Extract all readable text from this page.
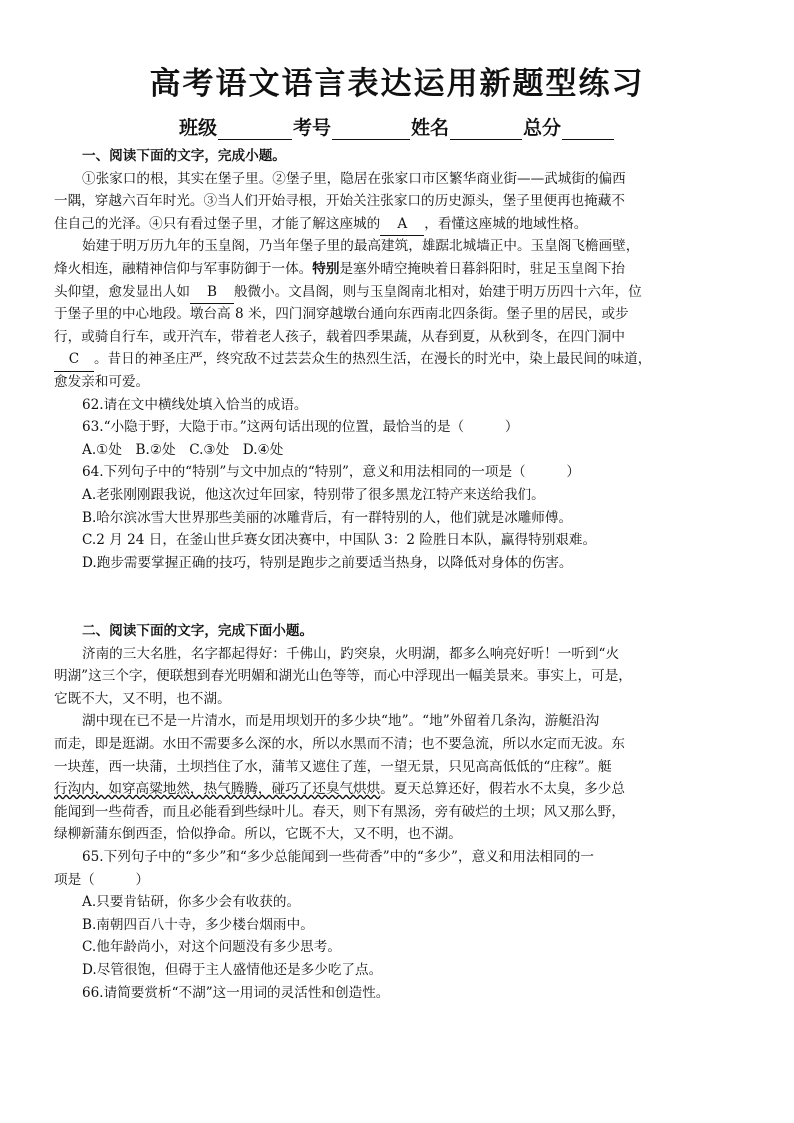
高考语文语言表达运用新题型练习
班级	考号	姓名	总分
一、阅读下面的文字，完成小题。
①张家口的根，其实在堡子里。②堡子里，隐居在张家口市区繁华商业街——武城街的偏西
一隅，穿越六百年时光。③当人们开始寻根，开始关注张家口的历史源头，堡子里便再也掩藏不
住自己的光泽。④只有看过堡子里，才能了解这座城的 A ，看懂这座城的地域性格。
始建于明万历九年的玉皇阁，乃当年堡子里的最高建筑，雄踞北城墙正中。玉皇阁飞檐画壁，
烽火相连，融精神信仰与军事防御于一体。特别是塞外晴空掩映着日暮斜阳时，驻足玉皇阁下抬
头仰望，愈发显出人如 B 般微小。文昌阁，则与玉皇阁南北相对，始建于明万历四十六年，位
于堡子里的中心地段。墩台高 8 米，四门洞穿越墩台通向东西南北四条街。堡子里的居民，或步
行，或骑自行车，或开汽车，带着老人孩子，载着四季果蔬，从春到夏，从秋到冬，在四门洞中
C 。昔日的神圣庄严，终究敌不过芸芸众生的热烈生活，在漫长的时光中，染上最民间的味道，
愈发亲和可爱。
62.请在文中横线处填入恰当的成语。
63.“小隐于野，大隐于市。”这两句话出现的位置，最恰当的是（　　　）
A.①处　B.②处　C.③处　D.④处
64.下列句子中的“特别”与文中加点的“特别”，意义和用法相同的一项是（　　　）
A.老张刚刚跟我说，他这次过年回家，特别带了很多黑龙江特产来送给我们。
B.哈尔滨冰雪大世界那些美丽的冰雕背后，有一群特别的人，他们就是冰雕师傅。
C.2 月 24 日，在釜山世乒赛女团决赛中，中国队 3：2 险胜日本队，赢得特别艰难。
D.跑步需要掌握正确的技巧，特别是跑步之前要适当热身，以降低对身体的伤害。
二、阅读下面的文字，完成下面小题。
济南的三大名胜，名字都起得好：千佛山，趵突泉，火明湖，都多么响亮好听！一听到“火
明湖”这三个字，便联想到春光明媚和湖光山色等等，而心中浮现出一幅美景来。事实上，可是，
它既不大，又不明，也不湖。
湖中现在已不是一片清水，而是用坝划开的多少块“地”。“地”外留着几条沟，游艇沿沟
而走，即是逛湖。水田不需要多么深的水，所以水黑而不清；也不要急流，所以水定而无波。东
一块莲，西一块蒲，土坝挡住了水，蒲苇又遮住了莲，一望无景，只见高高低低的“庄稼”。艇
行沟内，如穿高粱地然，热气腾腾，碰巧了还臭气烘烘。夏天总算还好，假若水不太臭，多少总
能闻到一些荷香，而且必能看到些绿叶儿。春天，则下有黑汤，旁有破烂的土坝；风又那么野，
绿柳新蒲东倒西歪，恰似挣命。所以，它既不大，又不明，也不湖。
65.下列句子中的“多少”和“多少总能闻到一些荷香”中的“多少”，意义和用法相同的一
项是（　　　）
A.只要肯钻研，你多少会有收获的。
B.南朝四百八十寺，多少楼台烟雨中。
C.他年龄尚小，对这个问题没有多少思考。
D.尽管很饱，但碍于主人盛情他还是多少吃了点。
66.请简要赏析“不湖”这一用词的灵活性和创造性。
